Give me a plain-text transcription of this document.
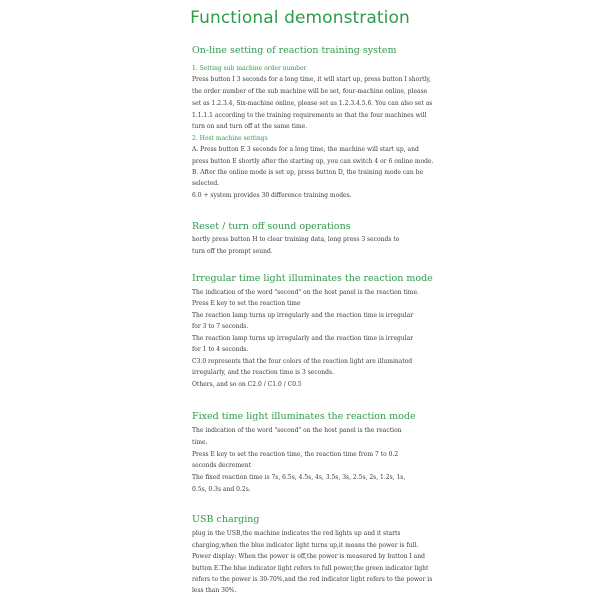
Functional demonstration
On-line setting of reaction training system
1. Setting sub machine order number
Press button I 3 seconds for a long time, it will start up, press button I shortly,
the order number of the sub machine will be set, four-machine online, please
set as 1.2.3.4, Six-machine online, please set as 1.2.3.4.5.6. You can also set as
1.1.1.1 according to the training requirements so that the four machines will
turn on and turn off at the same time.
2. Host machine settings
A. Press button E 3 seconds for a long time, the machine will start up, and
press button E shortly after the starting up, you can switch 4 or 6 online mode.
B. After the online mode is set up, press button D, the training mode can be
selected.
6.0 + system provides 30 difference training modes.
Reset / turn off sound operations
hortly press button H to clear training data, long press 3 seconds to
turn off the prompt sound.
Irregular time light illuminates the reaction mode
The indication of the word "second" on the host panel is the reaction time.
Press E key to set the reaction time
The reaction lamp turns up irregularly and the reaction time is irregular
for 3 to 7 seconds.
The reaction lamp turns up irregularly and the reaction time is irregular
for 1 to 4 seconds.
C3.0 represents that the four colors of the reaction light are illuminated
irregularly, and the reaction time is 3 seconds.
Others, and so on C2.0 / C1.0 / C0.5
Fixed time light illuminates the reaction mode
The indication of the word "second" on the host panel is the reaction
time.
Press E key to set the reaction time, the reaction time from 7 to 0.2
seconds decrement
The fixed reaction time is 7s, 6.5s, 4.5s, 4s, 3.5s, 3s, 2.5s, 2s, 1.2s, 1s,
0.5s, 0.3s and 0.2s.
USB charging
plug in the USB,the machine indicates the red lights up and it starts
charging,when the blue indicator light turns up,it means the power is full.
Power display: When the power is off,the power is measured by button I and
button E.The blue indicator light refers to full power,the green indicator light
refers to the power is 30-70%,and the red indicator light refers to the power is
less than 30%.
